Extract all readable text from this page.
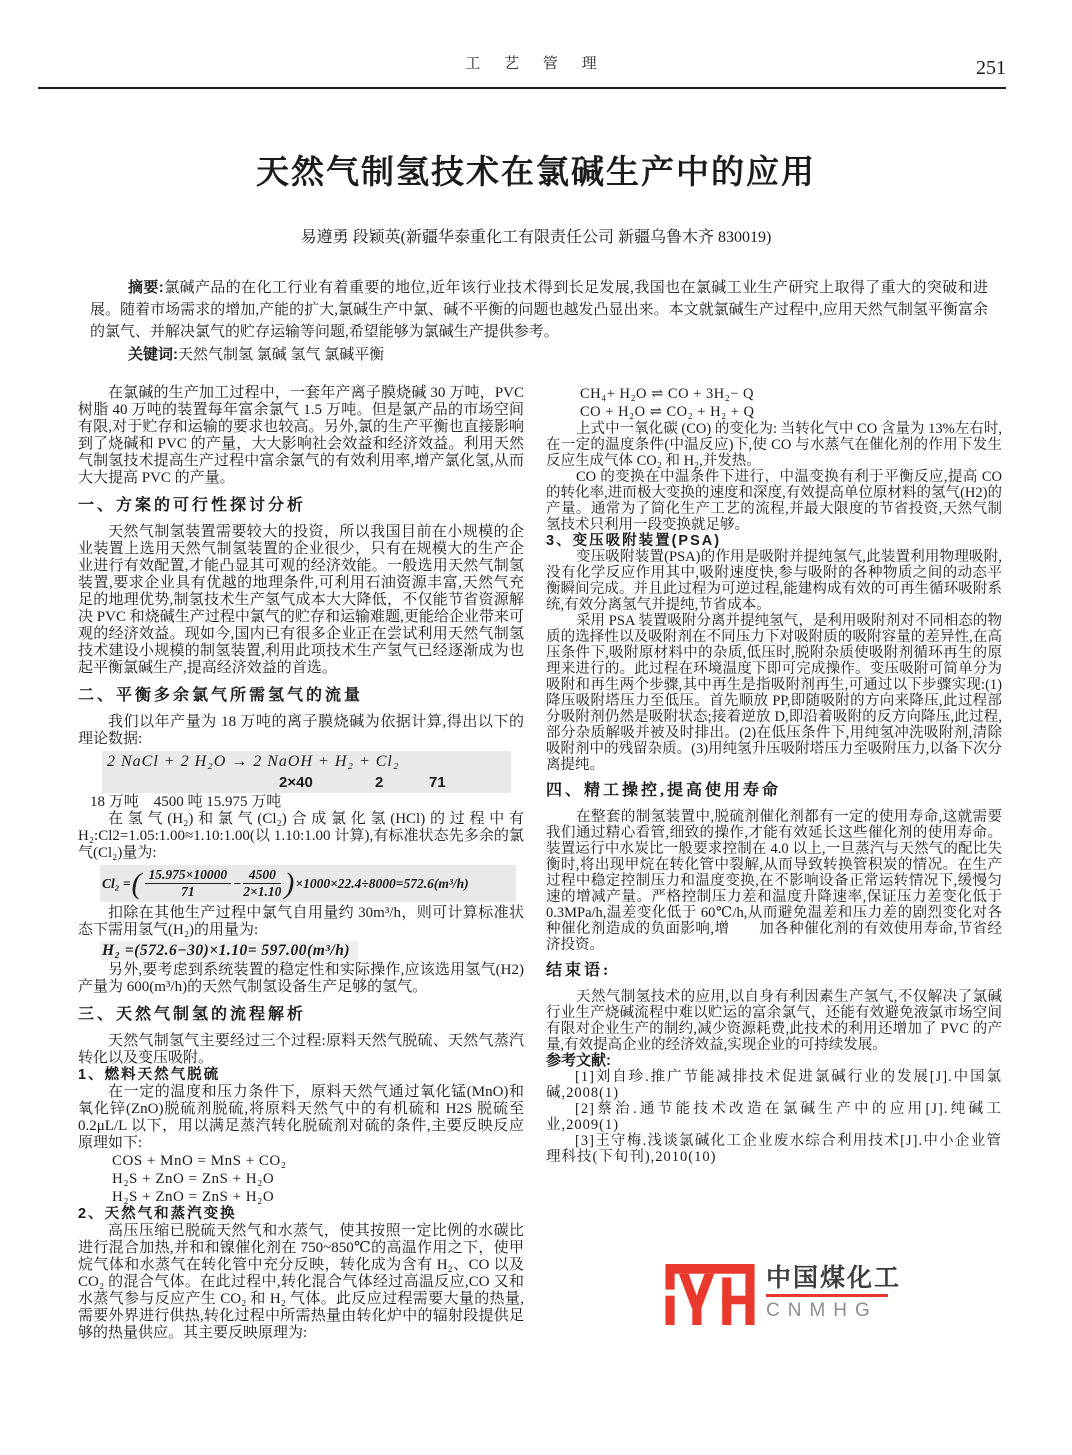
工 艺 管 理	251
天然气制氢技术在氯碱生产中的应用
易遵勇 段颖英(新疆华泰重化工有限责任公司 新疆乌鲁木齐 830019)

摘要:氯碱产品的在化工行业有着重要的地位,近年该行业技术得到长足发展,我国也在氯碱工业生产研究上取得了重大的突破和进展。随着市场需求的增加,产能的扩大,氯碱生产中氯、碱不平衡的问题也越发凸显出来。本文就氯碱生产过程中,应用天然气制氢平衡富余的氯气、并解决氯气的贮存运输等问题,希望能够为氯碱生产提供参考。

关键词:天然气制氢 氯碱 氢气 氯碱平衡

在氯碱的生产加工过程中，一套年产离子膜烧碱 30 万吨，PVC 树脂 40 万吨的装置每年富余氯气 1.5 万吨。但是氯产品的市场空间有限,对于贮存和运输的要求也较高。另外,氯的生产平衡也直接影响到了烧碱和 PVC 的产量，大大影响社会效益和经济效益。利用天然气制氢技术提高生产过程中富余氯气的有效利用率,增产氯化氢,从而大大提高 PVC 的产量。

一、方案的可行性探讨分析

天然气制氢装置需要较大的投资，所以我国目前在小规模的企业装置上选用天然气制氢装置的企业很少，只有在规模大的生产企业进行有效配置,才能凸显其可观的经济效能。一般选用天然气制氢装置,要求企业具有优越的地理条件,可利用石油资源丰富,天然气充足的地理优势,制氢技术生产氢气成本大大降低，不仅能节省资源解决 PVC 和烧碱生产过程中氯气的贮存和运输难题,更能给企业带来可观的经济效益。现如今,国内已有很多企业正在尝试利用天然气制氢技术建设小规模的制氢装置,利用此项技术生产氢气已经逐渐成为也起平衡氯碱生产,提高经济效益的首选。

二、平衡多余氯气所需氢气的流量

我们以年产量为 18 万吨的离子膜烧碱为依据计算,得出以下的理论数据:

2 NaCl + 2 H₂O → 2 NaOH + H₂ + Cl₂

2×40	2	71

18 万吨　4500 吨 15.975 万吨

在氢气(H₂)和氯气(Cl₂)合成氯化氢(HCl)的过程中有 H₂:Cl2=1.05:1.00≈1.10:1.00(以 1.10:1.00 计算),有标准状态先多余的氯气(Cl₂)量为:

Cl₂ = ( $\frac{15.975\times 10000}{71} - \frac{4500}{2\times 1.10}$ ) ×1000×22.4÷8000=572.6(m³/h)

扣除在其他生产过程中氯气自用量约 30m³/h，则可计算标准状态下需用氢气(H₂)的用量为:

H₂ =(572.6−30)×1.10= 597.00(m³/h)

另外,要考虑到系统装置的稳定性和实际操作,应该选用氢气(H2)产量为 600(m³/h)的天然气制氢设备生产足够的氢气。

三、天然气制氢的流程解析

天然气制氢气主要经过三个过程:原料天然气脱硫、天然气蒸汽转化以及变压吸附。

1、燃料天然气脱硫

在一定的温度和压力条件下，原料天然气通过氧化锰(MnO)和氧化锌(ZnO)脱硫剂脱硫,将原料天然气中的有机硫和 H2S 脱硫至 0.2μL/L 以下，用以满足蒸汽转化脱硫剂对硫的条件,主要反映反应原理如下:

COS + MnO = MnS + CO₂

H₂S + ZnO = ZnS + H₂O

H₂S + ZnO = ZnS + H₂O

2、天然气和蒸汽变换

高压压缩已脱硫天然气和水蒸气，使其按照一定比例的水碳比进行混合加热,并和和镍催化剂在 750~850℃的高温作用之下，使甲烷气体和水蒸气在转化管中充分反映，转化成为含有 H₂、CO 以及 CO₂ 的混合气体。在此过程中,转化混合气体经过高温反应,CO 又和水蒸气参与反应产生 CO₂ 和 H₂ 气体。此反应过程需要大量的热量,需要外界进行供热,转化过程中所需热量由转化炉中的辐射段提供足够的热量供应。其主要反映原理为:

CH₄+ H₂O ⇌ CO + 3H₂− Q

CO + H₂O ⇌ CO₂ + H₂ + Q

上式中一氧化碳 (CO) 的变化为: 当转化气中 CO 含量为 13%左右时,在一定的温度条件(中温反应)下,使 CO 与水蒸气在催化剂的作用下发生反应生成气体 CO₂ 和 H₂,并发热。

CO 的变换在中温条件下进行，中温变换有利于平衡反应,提高 CO 的转化率,进而极大变换的速度和深度,有效提高单位原材料的氢气(H2)的产量。通常为了简化生产工艺的流程,并最大限度的节省投资,天然气制氢技术只利用一段变换就足够。

3、变压吸附装置(PSA)

变压吸附装置(PSA)的作用是吸附并提纯氢气,此装置利用物理吸附,没有化学反应作用其中,吸附速度快,参与吸附的各种物质之间的动态平衡瞬间完成。并且此过程为可逆过程,能建构成有效的可再生循环吸附系统,有效分离氢气并提纯,节省成本。

采用 PSA 装置吸附分离并提纯氢气，是利用吸附剂对不同相态的物质的选择性以及吸附剂在不同压力下对吸附质的吸附容量的差异性,在高压条件下,吸附原材料中的杂质,低压时,脱附杂质使吸附剂循环再生的原理来进行的。此过程在环境温度下即可完成操作。变压吸附可简单分为吸附和再生两个步骤,其中再生是指吸附剂再生,可通过以下步骤实现:(1)降压吸附塔压力至低压。首先顺放 PP,即随吸附的方向来降压,此过程部分吸附剂仍然是吸附状态;接着逆放 D,即沿着吸附的反方向降压,此过程,部分杂质解吸并被及时排出。(2)在低压条件下,用纯氢冲洗吸附剂,清除吸附剂中的残留杂质。(3)用纯氢升压吸附塔压力至吸附压力,以备下次分离提纯。

四、精工操控,提高使用寿命

在整套的制氢装置中,脱硫剂催化剂都有一定的使用寿命,这就需要我们通过精心看管,细致的操作,才能有效延长这些催化剂的使用寿命。装置运行中水炭比一般要求控制在 4.0 以上,一旦蒸汽与天然气的配比失衡时,将出现甲烷在转化管中裂解,从而导致转换管积炭的情况。在生产过程中稳定控制压力和温度变换,在不影响设备正常运转情况下,缓慢匀速的增减产量。严格控制压力差和温度升降速率,保证压力差变化低于 0.3MPa/h,温差变化低于 60℃/h,从而避免温差和压力差的剧烈变化对各种催化剂造成的负面影响,增　　加各种催化剂的有效使用寿命,节省经济投资。

结束语:

天然气制氢技术的应用,以自身有利因素生产氢气,不仅解决了氯碱行业生产烧碱流程中难以贮运的富余氯气，还能有效避免液氯市场空间有限对企业生产的制约,减少资源耗费,此技术的利用还增加了 PVC 的产量,有效提高企业的经济效益,实现企业的可持续发展。

参考文献:

[1]刘自珍.推广节能减排技术促进氯碱行业的发展[J].中国氯碱,2008(1)

[2]蔡治.通节能技术改造在氯碱生产中的应用[J].纯碱工业,2009(1)

[3]王守梅.浅谈氯碱化工企业废水综合利用技术[J].中小企业管理科技(下旬刊),2010(10)

中国煤化工
CNMHG
